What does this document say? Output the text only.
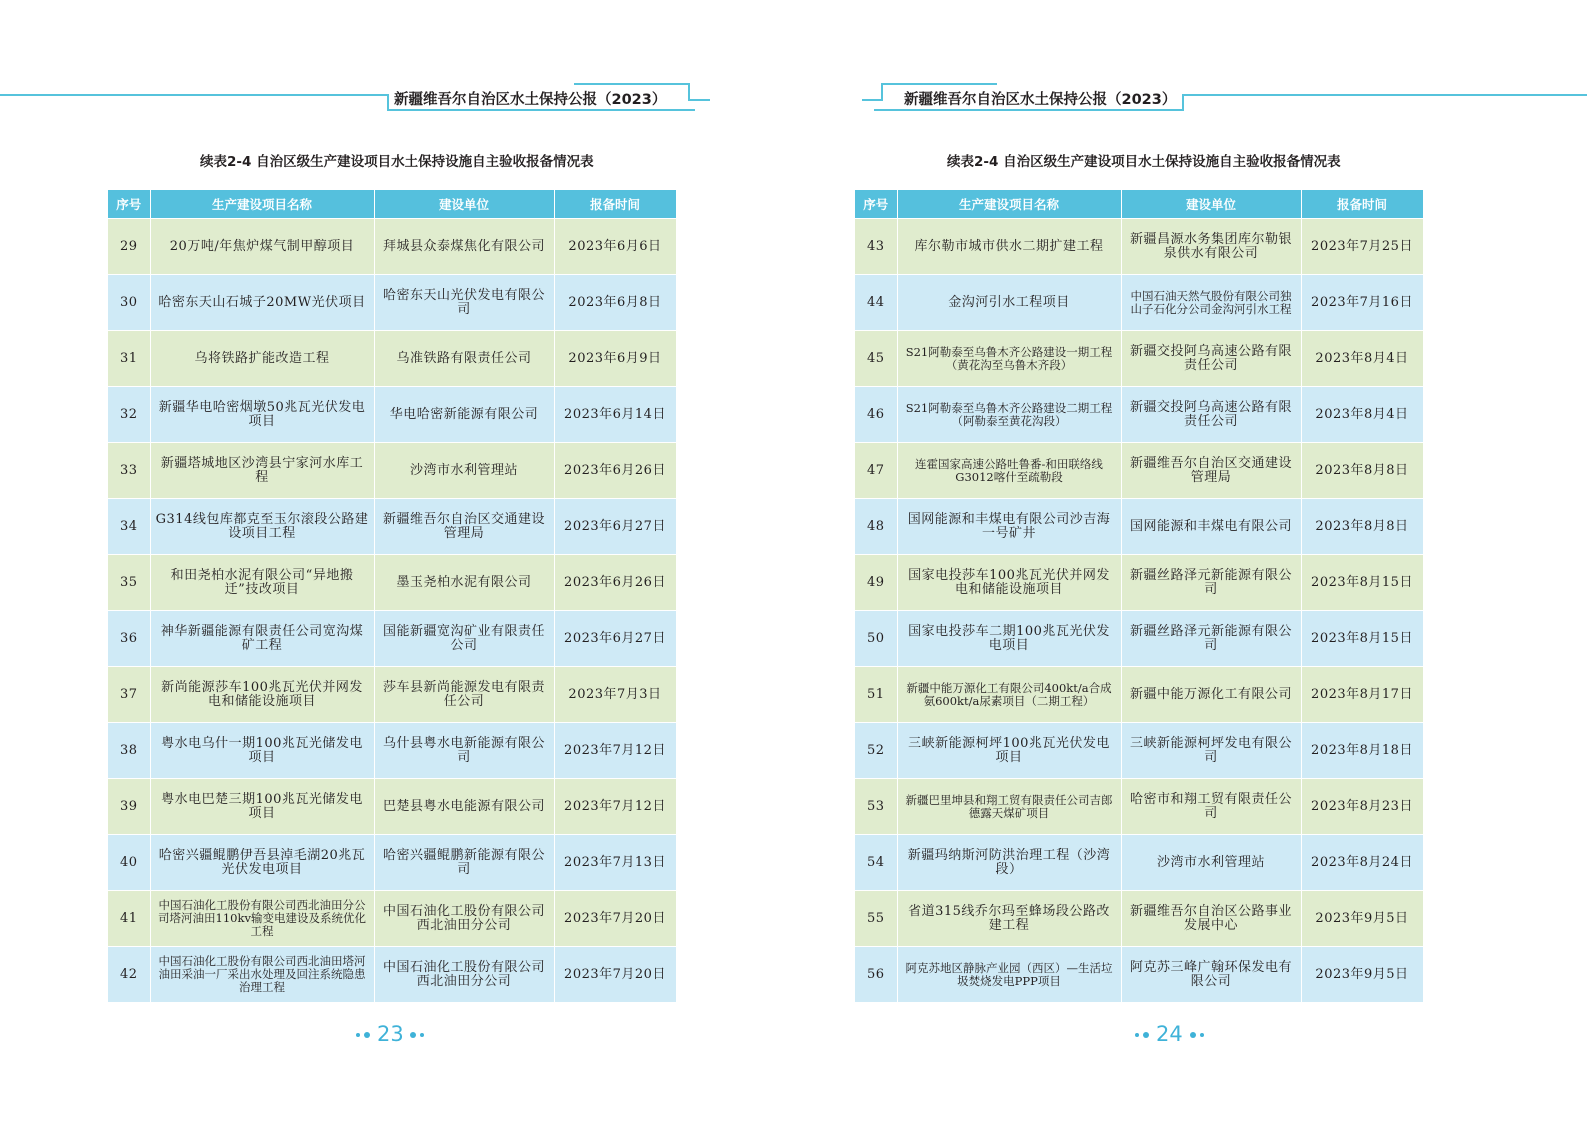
新疆维吾尔自治区水土保持公报（2023）
续表2-4 自治区级生产建设项目水土保持设施自主验收报备情况表
序号	生产建设项目名称	建设单位	报备时间
29	20万吨/年焦炉煤气制甲醇项目	拜城县众泰煤焦化有限公司	2023年6月6日
30	哈密东天山石城子20MW光伏项目	哈密东天山光伏发电有限公司	2023年6月8日
31	乌将铁路扩能改造工程	乌准铁路有限责任公司	2023年6月9日
32	新疆华电哈密烟墩50兆瓦光伏发电项目	华电哈密新能源有限公司	2023年6月14日
33	新疆塔城地区沙湾县宁家河水库工程	沙湾市水利管理站	2023年6月26日
34	G314线包库都克至玉尔滚段公路建设项目工程	新疆维吾尔自治区交通建设管理局	2023年6月27日
35	和田尧柏水泥有限公司“异地搬迁”技改项目	墨玉尧柏水泥有限公司	2023年6月26日
36	神华新疆能源有限责任公司宽沟煤矿工程	国能新疆宽沟矿业有限责任公司	2023年6月27日
37	新尚能源莎车100兆瓦光伏并网发电和储能设施项目	莎车县新尚能源发电有限责任公司	2023年7月3日
38	粤水电乌什一期100兆瓦光储发电项目	乌什县粤水电新能源有限公司	2023年7月12日
39	粤水电巴楚三期100兆瓦光储发电项目	巴楚县粤水电能源有限公司	2023年7月12日
40	哈密兴疆鲲鹏伊吾县淖毛湖20兆瓦光伏发电项目	哈密兴疆鲲鹏新能源有限公司	2023年7月13日
41	中国石油化工股份有限公司西北油田分公司塔河油田110kv输变电建设及系统优化工程	中国石油化工股份有限公司西北油田分公司	2023年7月20日
42	中国石油化工股份有限公司西北油田塔河油田采油一厂采出水处理及回注系统隐患治理工程	中国石油化工股份有限公司西北油田分公司	2023年7月20日
23
新疆维吾尔自治区水土保持公报（2023）
续表2-4 自治区级生产建设项目水土保持设施自主验收报备情况表
序号	生产建设项目名称	建设单位	报备时间
43	库尔勒市城市供水二期扩建工程	新疆昌源水务集团库尔勒银泉供水有限公司	2023年7月25日
44	金沟河引水工程项目	中国石油天然气股份有限公司独山子石化分公司金沟河引水工程	2023年7月16日
45	S21阿勒泰至乌鲁木齐公路建设一期工程（黄花沟至乌鲁木齐段）	新疆交投阿乌高速公路有限责任公司	2023年8月4日
46	S21阿勒泰至乌鲁木齐公路建设二期工程（阿勒泰至黄花沟段）	新疆交投阿乌高速公路有限责任公司	2023年8月4日
47	连霍国家高速公路吐鲁番-和田联络线G3012喀什至疏勒段	新疆维吾尔自治区交通建设管理局	2023年8月8日
48	国网能源和丰煤电有限公司沙吉海一号矿井	国网能源和丰煤电有限公司	2023年8月8日
49	国家电投莎车100兆瓦光伏并网发电和储能设施项目	新疆丝路泽元新能源有限公司	2023年8月15日
50	国家电投莎车二期100兆瓦光伏发电项目	新疆丝路泽元新能源有限公司	2023年8月15日
51	新疆中能万源化工有限公司400kt/a合成氨600kt/a尿素项目（二期工程）	新疆中能万源化工有限公司	2023年8月17日
52	三峡新能源柯坪100兆瓦光伏发电项目	三峡新能源柯坪发电有限公司	2023年8月18日
53	新疆巴里坤县和翔工贸有限责任公司吉郎德露天煤矿项目	哈密市和翔工贸有限责任公司	2023年8月23日
54	新疆玛纳斯河防洪治理工程（沙湾段）	沙湾市水利管理站	2023年8月24日
55	省道315线乔尔玛至蜂场段公路改建工程	新疆维吾尔自治区公路事业发展中心	2023年9月5日
56	阿克苏地区静脉产业园（西区）—生活垃圾焚烧发电PPP项目	阿克苏三峰广翰环保发电有限公司	2023年9月5日
24
